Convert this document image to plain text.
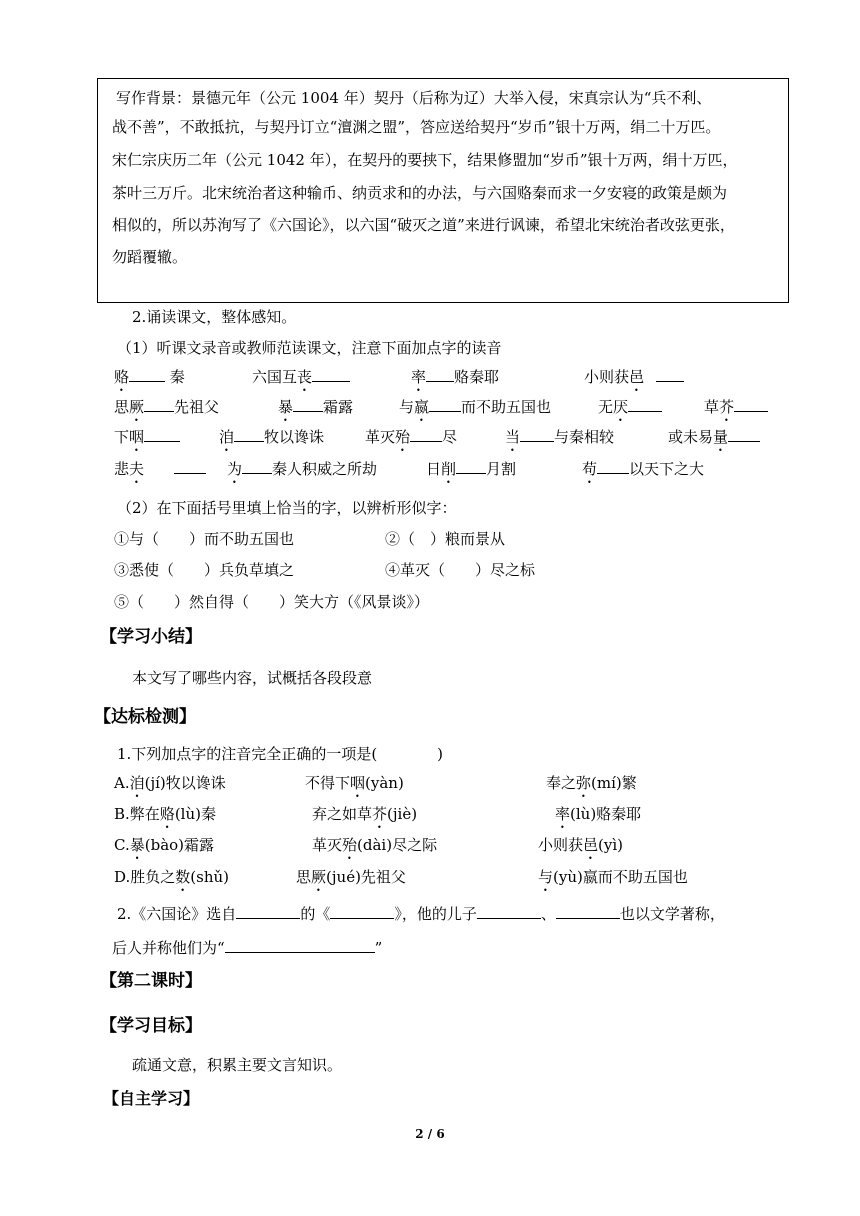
写作背景：景德元年（公元 1004 年）契丹（后称为辽）大举入侵，宋真宗认为“兵不利、
战不善”，不敢抵抗，与契丹订立“澶渊之盟”，答应送给契丹“岁币”银十万两，绢二十万匹。
宋仁宗庆历二年（公元 1042 年），在契丹的要挟下，结果修盟加“岁币”银十万两，绢十万匹，
茶叶三万斤。北宋统治者这种输币、纳贡求和的办法，与六国赂秦而求一夕安寝的政策是颇为
相似的，所以苏洵写了《六国论》，以六国“破灭之道”来进行讽谏，希望北宋统治者改弦更张，
勿蹈覆辙。
2.诵读课文，整体感知。
（1）听课文录音或教师范读课文，注意下面加点字的读音
赂 秦	六国互丧	率 赂秦耶	小则获邑
思厥 先祖父	暴 霜露	与嬴 而不助五国也	无厌	草芥
下咽	洎 牧以谗诛	革灭殆 尽	当 与秦相较	或未易量
悲夫	为 秦人积威之所劫	日削 月割	苟 以天下之大
（2）在下面括号里填上恰当的字，以辨析形似字：
①与（　　）而不助五国也	②（　）粮而景从
③悉使（　　）兵负草填之	④革灭（　　）尽之标
⑤（　　）然自得（　　）笑大方（《风景谈》）
【学习小结】
本文写了哪些内容，试概括各段段意
【达标检测】
1.下列加点字的注音完全正确的一项是(　　　　)
A.洎(jí)牧以谗诛	不得下咽(yàn)	奉之弥(mí)繁
B.弊在赂(lù)秦	弃之如草芥(jiè)	率(lù)赂秦耶
C.暴(bào)霜露	革灭殆(dài)尽之际	小则获邑(yì)
D.胜负之数(shǔ)	思厥(jué)先祖父	与(yù)嬴而不助五国也
2.《六国论》选自	的《	》，他的儿子	、	也以文学著称，
后人并称他们为“	”
【第二课时】
【学习目标】
疏通文意，积累主要文言知识。
【自主学习】
2 / 6
